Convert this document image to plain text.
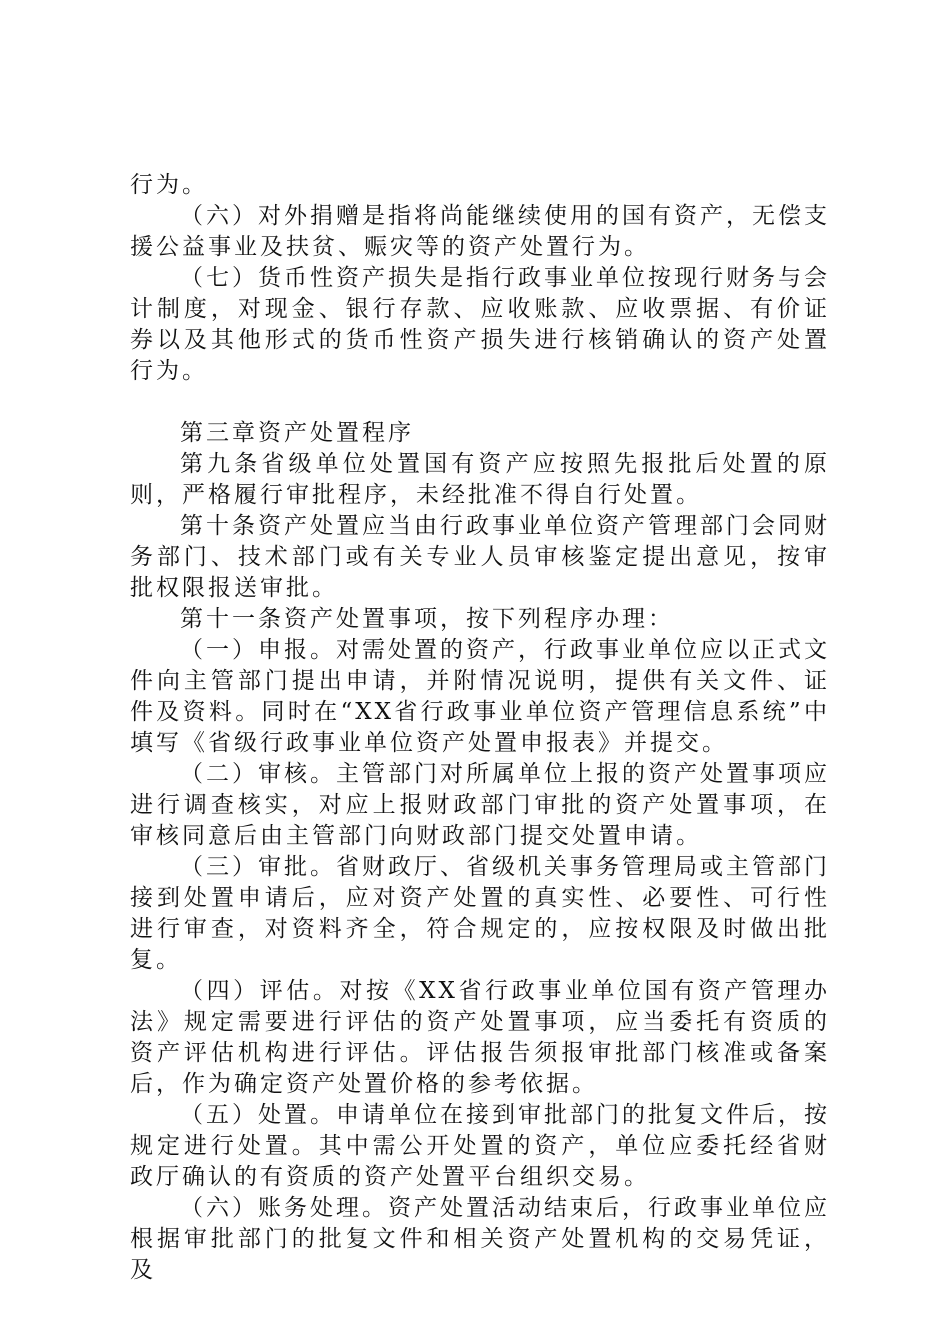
行为。

（六）对外捐赠是指将尚能继续使用的国有资产，无偿支援公益事业及扶贫、赈灾等的资产处置行为。

（七）货币性资产损失是指行政事业单位按现行财务与会计制度，对现金、银行存款、应收账款、应收票据、有价证券以及其他形式的货币性资产损失进行核销确认的资产处置行为。

第三章资产处置程序

第九条省级单位处置国有资产应按照先报批后处置的原则，严格履行审批程序，未经批准不得自行处置。

第十条资产处置应当由行政事业单位资产管理部门会同财务部门、技术部门或有关专业人员审核鉴定提出意见，按审批权限报送审批。

第十一条资产处置事项，按下列程序办理：

（一）申报。对需处置的资产，行政事业单位应以正式文件向主管部门提出申请，并附情况说明，提供有关文件、证件及资料。同时在“XX省行政事业单位资产管理信息系统”中填写《省级行政事业单位资产处置申报表》并提交。

（二）审核。主管部门对所属单位上报的资产处置事项应进行调查核实，对应上报财政部门审批的资产处置事项，在审核同意后由主管部门向财政部门提交处置申请。

（三）审批。省财政厅、省级机关事务管理局或主管部门接到处置申请后，应对资产处置的真实性、必要性、可行性进行审查，对资料齐全，符合规定的，应按权限及时做出批复。

（四）评估。对按《XX省行政事业单位国有资产管理办法》规定需要进行评估的资产处置事项，应当委托有资质的资产评估机构进行评估。评估报告须报审批部门核准或备案后，作为确定资产处置价格的参考依据。

（五）处置。申请单位在接到审批部门的批复文件后，按规定进行处置。其中需公开处置的资产，单位应委托经省财政厅确认的有资质的资产处置平台组织交易。

（六）账务处理。资产处置活动结束后，行政事业单位应根据审批部门的批复文件和相关资产处置机构的交易凭证，及
